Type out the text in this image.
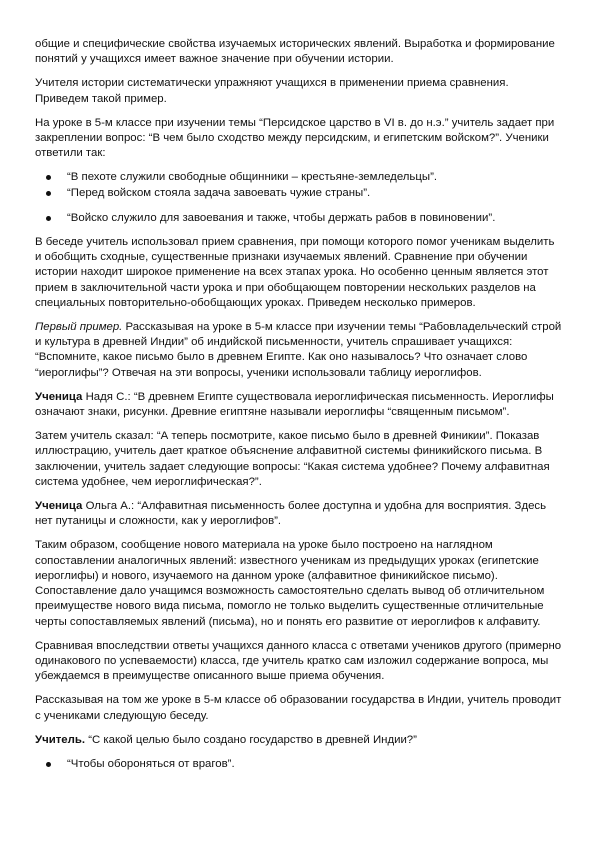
общие и специфические свойства изучаемых исторических явлений. Выработка и формирование понятий у учащихся имеет важное значение при обучении истории.

Учителя истории систематически упражняют учащихся в применении приема сравнения. Приведем такой пример.

На уроке в 5-м классе при изучении темы “Персидское царство в VI в. до н.э.” учитель задает при закреплении вопрос: “В чем было сходство между персидским, и египетским войском?”. Ученики ответили так:

“В пехоте служили свободные общинники – крестьяне-земледельцы”.
“Перед войском стояла задача завоевать чужие страны”.
“Войско служило для завоевания и также, чтобы держать рабов в повиновении”.

В беседе учитель использовал прием сравнения, при помощи которого помог ученикам выделить и обобщить сходные, существенные признаки изучаемых явлений. Сравнение при обучении истории находит широкое применение на всех этапах урока. Но особенно ценным является этот прием в заключительной части урока и при обобщающем повторении нескольких разделов на специальных повторительно-обобщающих уроках. Приведем несколько примеров.

Первый пример. Рассказывая на уроке в 5-м классе при изучении темы “Рабовладельческий строй и культура в древней Индии” об индийской письменности, учитель спрашивает учащихся: “Вспомните, какое письмо было в древнем Египте. Как оно называлось? Что означает слово “иероглифы”? Отвечая на эти вопросы, ученики использовали таблицу иероглифов.

Ученица Надя С.: “В древнем Египте существовала иероглифическая письменность. Иероглифы означают знаки, рисунки. Древние египтяне называли иероглифы “священным письмом”.

Затем учитель сказал: “А теперь посмотрите, какое письмо было в древней Финикии”. Показав иллюстрацию, учитель дает краткое объяснение алфавитной системы финикийского письма. В заключении, учитель задает следующие вопросы: “Какая система удобнее? Почему алфавитная система удобнее, чем иероглифическая?”.

Ученица Ольга А.: “Алфавитная письменность более доступна и удобна для восприятия. Здесь нет путаницы и сложности, как у иероглифов”.

Таким образом, сообщение нового материала на уроке было построено на наглядном сопоставлении аналогичных явлений: известного ученикам из предыдущих уроках (египетские иероглифы) и нового, изучаемого на данном уроке (алфавитное финикийское письмо). Сопоставление дало учащимся возможность самостоятельно сделать вывод об отличительном преимуществе нового вида письма, помогло не только выделить существенные отличительные черты сопоставляемых явлений (письма), но и понять его развитие от иероглифов к алфавиту.

Сравнивая впоследствии ответы учащихся данного класса с ответами учеников другого (примерно одинакового по успеваемости) класса, где учитель кратко сам изложил содержание вопроса, мы убеждаемся в преимуществе описанного выше приема обучения.

Рассказывая на том же уроке в 5-м классе об образовании государства в Индии, учитель проводит с учениками следующую беседу.

Учитель. “С какой целью было создано государство в древней Индии?”

“Чтобы обороняться от врагов”.
